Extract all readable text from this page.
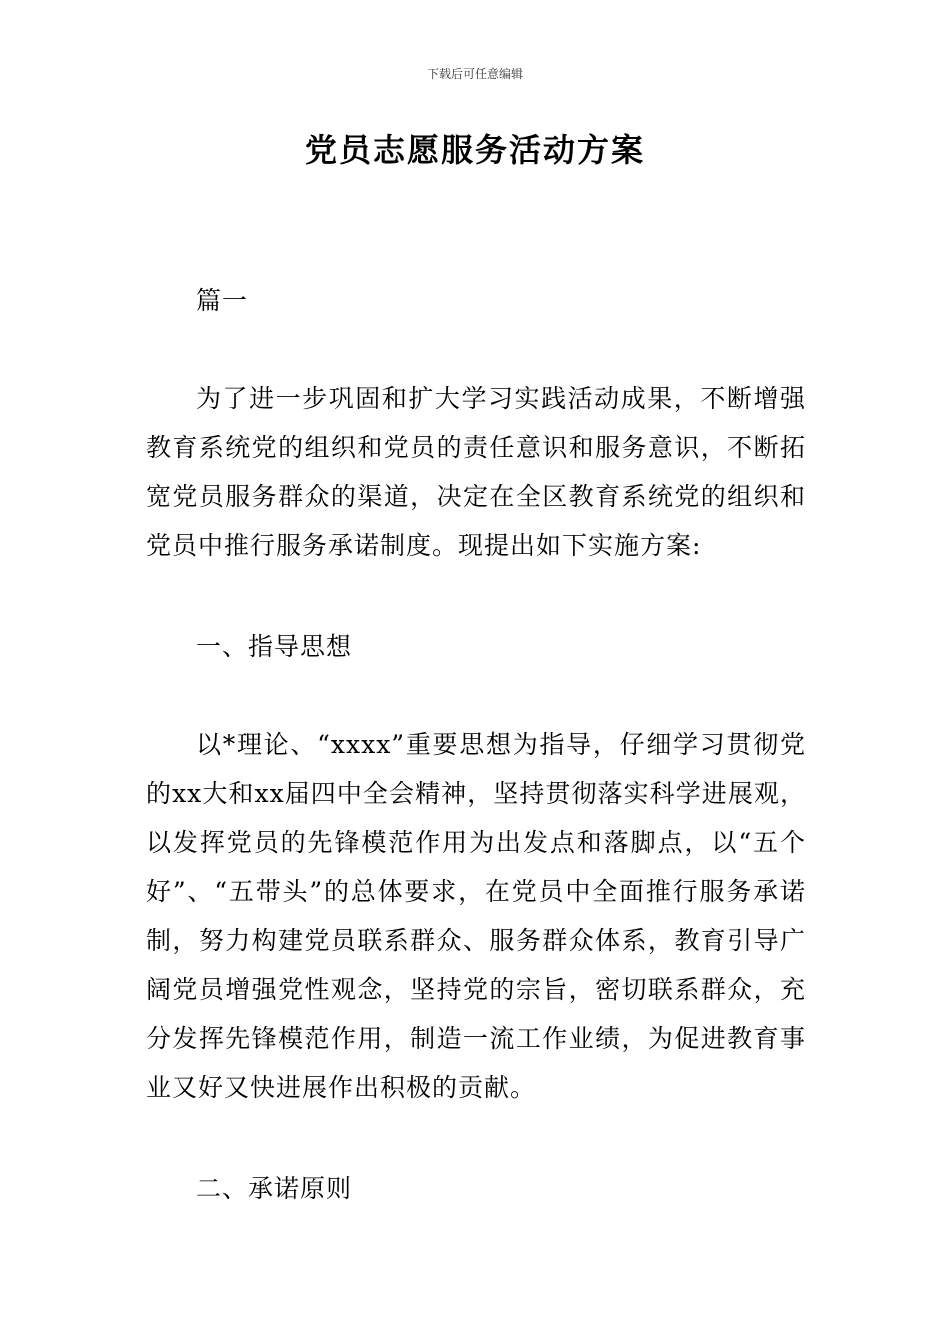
下载后可任意编辑
党员志愿服务活动方案

篇一

为了进一步巩固和扩大学习实践活动成果，不断增强教育系统党的组织和党员的责任意识和服务意识，不断拓宽党员服务群众的渠道，决定在全区教育系统党的组织和党员中推行服务承诺制度。现提出如下实施方案:

一、指导思想

以*理论、“xxxx”重要思想为指导，仔细学习贯彻党的xx大和xx届四中全会精神，坚持贯彻落实科学进展观，以发挥党员的先锋模范作用为出发点和落脚点，以“五个好”、“五带头”的总体要求，在党员中全面推行服务承诺制，努力构建党员联系群众、服务群众体系，教育引导广阔党员增强党性观念，坚持党的宗旨，密切联系群众，充分发挥先锋模范作用，制造一流工作业绩，为促进教育事业又好又快进展作出积极的贡献。

二、承诺原则
